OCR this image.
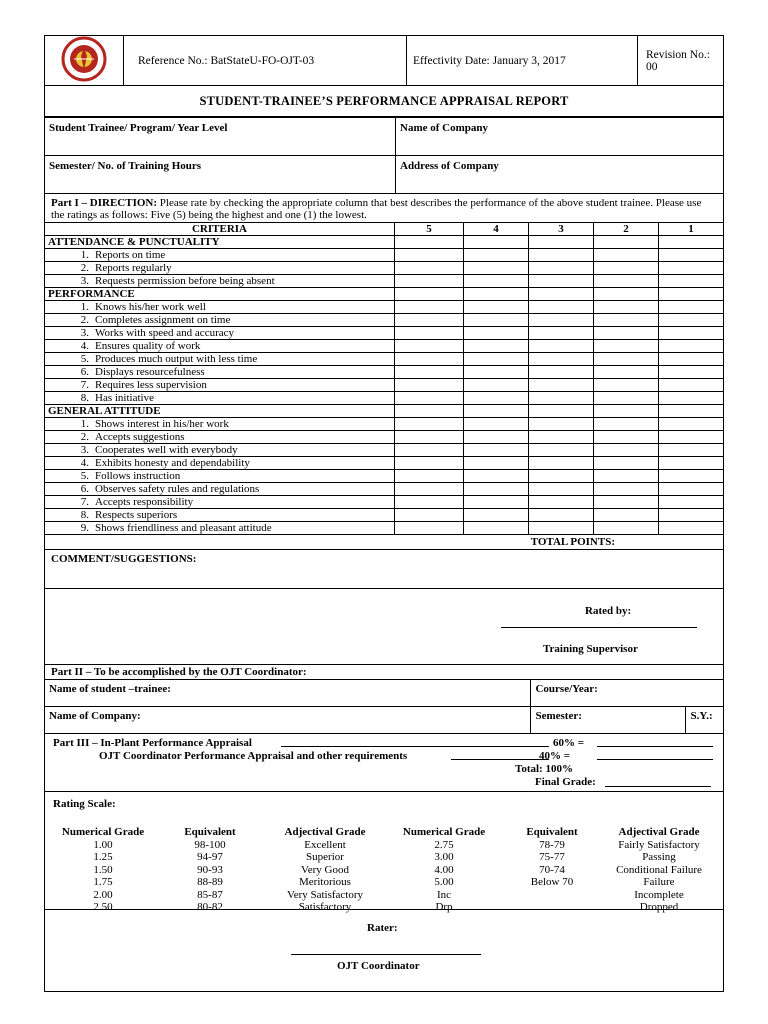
	Reference No.: BatStateU-FO-OJT-03	Effectivity Date: January 3, 2017	Revision No.: 00
STUDENT-TRAINEE’S PERFORMANCE APPRAISAL REPORT
Student Trainee/ Program/ Year Level	Name of Company
Semester/ No. of Training Hours	Address of Company
Part I – DIRECTION: Please rate by checking the appropriate column that best describes the performance of the above student trainee. Please use the ratings as follows: Five (5) being the highest and one (1) the lowest.
CRITERIA	5	4	3	2	1
ATTENDANCE & PUNCTUALITY					
1. Reports on time					
2. Reports regularly					
3. Requests permission before being absent					
PERFORMANCE					
1. Knows his/her work well					
2. Completes assignment on time					
3. Works with speed and accuracy					
4. Ensures quality of work					
5. Produces much output with less time					
6. Displays resourcefulness					
7. Requires less supervision					
8. Has initiative					
GENERAL ATTITUDE					
1. Shows interest in his/her work					
2. Accepts suggestions					
3. Cooperates well with everybody					
4. Exhibits honesty and dependability					
5. Follows instruction					
6. Observes safety rules and regulations					
7. Accepts responsibility					
8. Respects superiors					
9. Shows friendliness and pleasant attitude					
TOTAL POINTS:
COMMENT/SUGGESTIONS:
Rated by:
Training Supervisor
Part II – To be accomplished by the OJT Coordinator:
Name of student –trainee:	Course/Year:	
Name of Company:	Semester:	S.Y.:
Part III – In-Plant Performance Appraisal
OJT Coordinator Performance Appraisal and other requirements
60% =
40% =
Total: 100%
Final Grade:
Rating Scale:
Numerical Grade	Equivalent	Adjectival Grade	Numerical Grade	Equivalent	Adjectival Grade
1.00	98-100	Excellent	2.75	78-79	Fairly Satisfactory
1.25	94-97	Superior	3.00	75-77	Passing
1.50	90-93	Very Good	4.00	70-74	Conditional Failure
1.75	88-89	Meritorious	5.00	Below 70	Failure
2.00	85-87	Very Satisfactory	Inc		Incomplete
2.50	80-82	Satisfactory	Drp		Dropped
Rater:
OJT Coordinator
